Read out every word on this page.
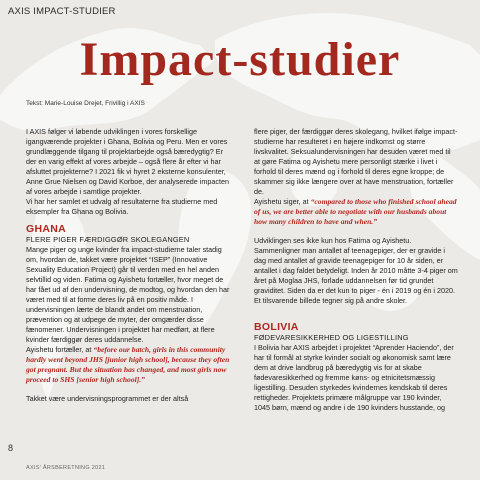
AXIS IMPACT-STUDIER
Impact-studier
Tekst: Marie-Louise Drejet, Frivillig i AXIS

I AXIS følger vi løbende udviklingen i vores forskellige igangværende projekter i Ghana, Bolivia og Peru. Men er vores grundlæggende tilgang til projektarbejde også bæredygtig? Er der en varig effekt af vores arbejde – også flere år efter vi har afsluttet projekterne? I 2021 fik vi hyret 2 eksterne konsulenter, Anne Grue Nielsen og David Korboe, der analyserede impacten af vores arbejde i samtlige projekter.

Vi har her samlet et udvalg af resultaterne fra studierne med eksempler fra Ghana og Bolivia.

GHANA
FLERE PIGER FÆRDIGGØR SKOLEGANGEN

Mange piger og unge kvinder fra impact-studierne taler stadig om, hvordan de, takket være projektet “ISEP” (Innovative Sexuality Education Project) går til verden med en hel anden selvtillid og viden. Fatima og Ayishetu fortæller, hvor meget de har fået ud af den undervisning, de modtog, og hvordan den har været med til at forme deres liv på en positiv måde. I undervisningen lærte de blandt andet om menstruation, prævention og at udpege de myter, der omgærder disse fænomener. Undervisningen i projektet har medført, at flere kvinder færdiggør deres uddannelse.

Ayishetu fortæller, at “before our batch, girls in this community hardly went beyond JHS [junior high school], because they often got pregnant. But the situation has changed, and most girls now proceed to SHS [senior high school].”

Takket være undervisningsprogrammet er der altså

flere piger, der færdiggør deres skolegang, hvilket ifølge impact-studierne har resulteret i en højere indkomst og større livskvalitet. Seksualundervisningen har desuden været med til at gøre Fatima og Ayishetu mere personligt stærke i livet i forhold til deres mænd og i forhold til deres egne kroppe; de skammer sig ikke længere over at have menstruation, fortæller de.

Ayishetu siger, at “compared to those who finished school ahead of us, we are better able to negotiate with our husbands about how many children to have and when.”

Udviklingen ses ikke kun hos Fatima og Ayishetu. Sammenligner man antallet af teenagepiger, der er gravide i dag med antallet af gravide teenagepiger for 10 år siden, er antallet i dag faldet betydeligt. Inden år 2010 måtte 3-4 piger om året på Moglaa JHS, forlade uddannelsen før tid grundet graviditet. Siden da er det kun to piger - én i 2019 og én i 2020. Et tilsvarende billede tegner sig på andre skoler.

BOLIVIA
FØDEVARESIKKERHED OG LIGESTILLING

I Bolivia har AXIS arbejdet i projektet “Aprender Haciendo”, der har til formål at styrke kvinder socialt og økonomisk samt lære dem at drive landbrug på bæredygtig vis for at skabe fødevaresikkerhed og fremme køns- og etnicitetsmæssig ligestilling. Desuden styrkedes kvindernes kendskab til deres rettigheder. Projektets primære målgruppe var 190 kvinder, 1045 børn, mænd og andre i de 190 kvinders husstande, og

8
AXIS' ÅRSBERETNING 2021
